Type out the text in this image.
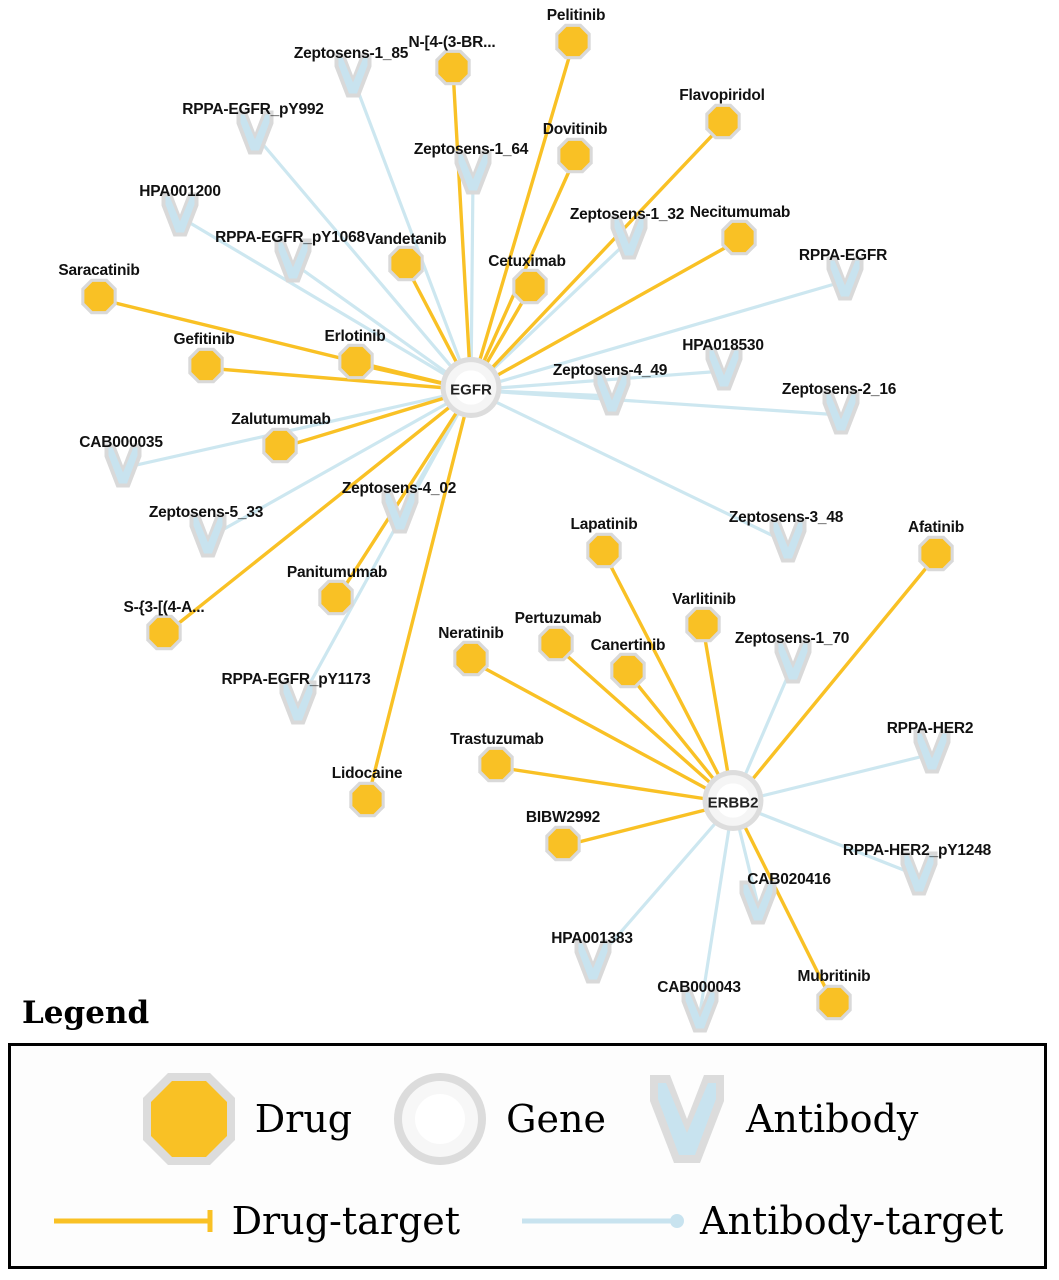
Zeptosens-1_85
RPPA-EGFR_pY992
Zeptosens-1_64
HPA001200
Zeptosens-1_32
RPPA-EGFR_pY1068
RPPA-EGFR
HPA018530
Zeptosens-4_49
Zeptosens-2_16
CAB000035
Zeptosens-4_02
Zeptosens-5_33	Zeptosens-3_48
Zeptosens-1_70
RPPA-EGFR_pY1173
RPPA-HER2
RPPA-HER2_pY1248
CAB020416
HPA001383
CAB000043
Pelitinib
N-[4-(3-BR...
Flavopiridol
Dovitinib
Necitumumab
Vandetanib
Cetuximab
Saracatinib
Erlotinib
Gefitinib
Zalutumumab
Lapatinib	Afatinib
Varlitinib
Panitumumab
S-{3-[(4-A...
Pertuzumab
Neratinib
Canertinib
Trastuzumab
Lidocaine
BIBW2992
Mubritinib
EGFR
ERBB2
Legend
Drug	Gene	Antibody
Drug-target	Antibody-target
